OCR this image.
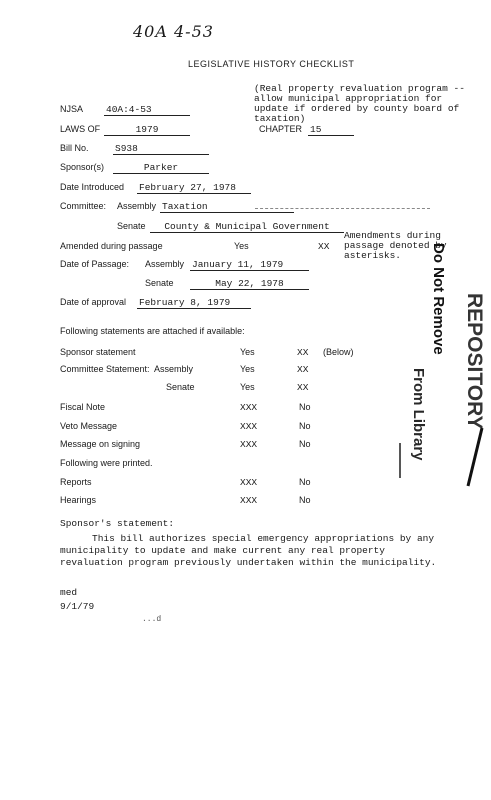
40A 4-53
LEGISLATIVE HISTORY CHECKLIST
(Real property revaluation program --
allow municipal appropriation for
update if ordered by county board of
taxation)
NJSA 40A:4-53
LAWS OF	1979	CHAPTER 15
Bill No.	S938
Sponsor(s)	Parker
Date Introduced February 27, 1978
Committee: Assembly Taxation
Senate	County & Municipal Government
Amended during passage	Yes	XX
Amendments during
passage denoted by
asterisks.
Date of Passage: Assembly January 11, 1979
Senate	May 22, 1978
Date of approval February 8, 1979
Following statements are attached if available:
Sponsor statement	Yes	XX (Below)
Committee Statement:  Assembly	Yes	XX
Senate	Yes	XX
Fiscal Note	XXX	No
Veto Message	XXX	No
Message on signing	XXX	No
Following were printed.
Reports	XXX	No
Hearings	XXX	No
Sponsor's statement:
This bill authorizes special emergency appropriations by any municipality to update and make current any real property revaluation program previously undertaken within the municipality.
med
9/1/79
...d
REPOSITORY
Do Not Remove
From Library
